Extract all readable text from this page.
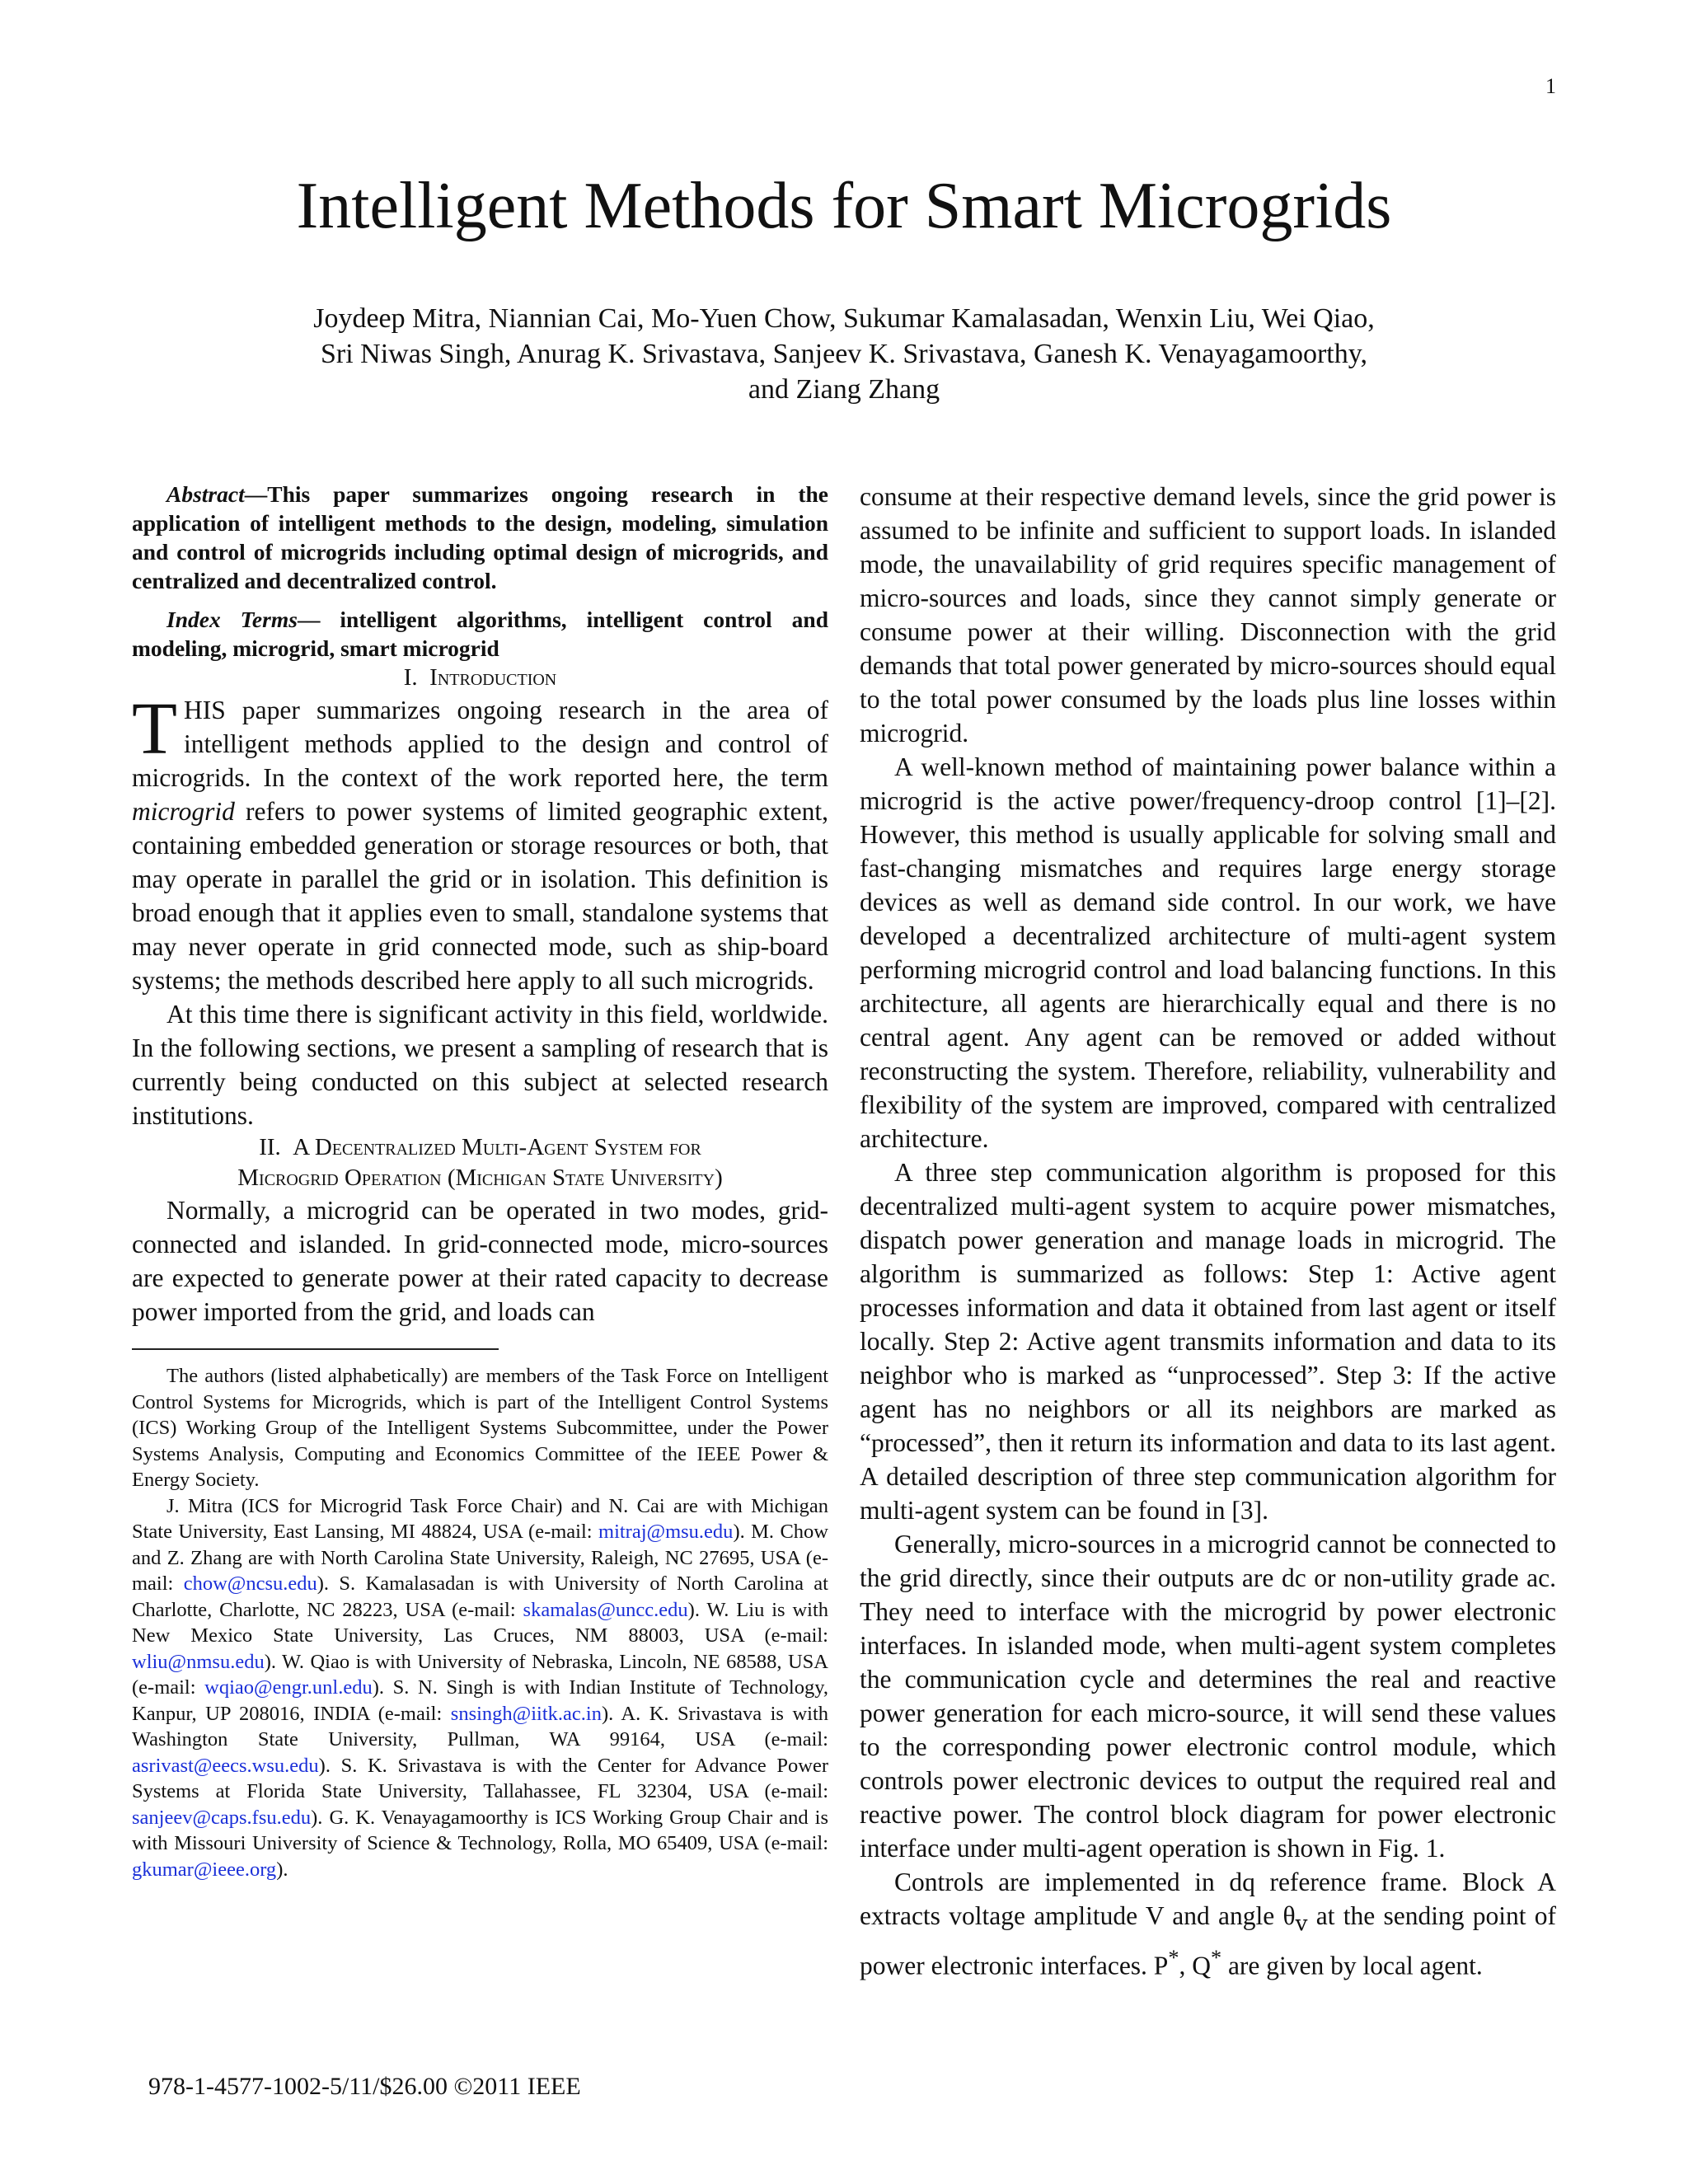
1
Intelligent Methods for Smart Microgrids
Joydeep Mitra, Niannian Cai, Mo-Yuen Chow, Sukumar Kamalasadan, Wenxin Liu, Wei Qiao,
Sri Niwas Singh, Anurag K. Srivastava, Sanjeev K. Srivastava, Ganesh K. Venayagamoorthy,
and Ziang Zhang

Abstract—This paper summarizes ongoing research in the application of intelligent methods to the design, modeling, simulation and control of microgrids including optimal design of microgrids, and centralized and decentralized control.

Index Terms— intelligent algorithms, intelligent control and modeling, microgrid, smart microgrid

I. Introduction

THIS paper summarizes ongoing research in the area of intelligent methods applied to the design and control of microgrids. In the context of the work reported here, the term microgrid refers to power systems of limited geographic extent, containing embedded generation or storage resources or both, that may operate in parallel the grid or in isolation. This definition is broad enough that it applies even to small, standalone systems that may never operate in grid connected mode, such as ship-board systems; the methods described here apply to all such microgrids.

At this time there is significant activity in this field, worldwide. In the following sections, we present a sampling of research that is currently being conducted on this subject at selected research institutions.

II. A Decentralized Multi-Agent System for
Microgrid Operation (Michigan State University)

Normally, a microgrid can be operated in two modes, grid-connected and islanded. In grid-connected mode, micro-sources are expected to generate power at their rated capacity to decrease power imported from the grid, and loads can

The authors (listed alphabetically) are members of the Task Force on Intelligent Control Systems for Microgrids, which is part of the Intelligent Control Systems (ICS) Working Group of the Intelligent Systems Subcommittee, under the Power Systems Analysis, Computing and Economics Committee of the IEEE Power & Energy Society.

J. Mitra (ICS for Microgrid Task Force Chair) and N. Cai are with Michigan State University, East Lansing, MI 48824, USA (e-mail: mitraj@msu.edu). M. Chow and Z. Zhang are with North Carolina State University, Raleigh, NC 27695, USA (e-mail: chow@ncsu.edu). S. Kamalasadan is with University of North Carolina at Charlotte, Charlotte, NC 28223, USA (e-mail: skamalas@uncc.edu). W. Liu is with New Mexico State University, Las Cruces, NM 88003, USA (e-mail: wliu@nmsu.edu). W. Qiao is with University of Nebraska, Lincoln, NE 68588, USA (e-mail: wqiao@engr.unl.edu). S. N. Singh is with Indian Institute of Technology, Kanpur, UP 208016, INDIA (e-mail: snsingh@iitk.ac.in). A. K. Srivastava is with Washington State University, Pullman, WA 99164, USA (e-mail: asrivast@eecs.wsu.edu). S. K. Srivastava is with the Center for Advance Power Systems at Florida State University, Tallahassee, FL 32304, USA (e-mail: sanjeev@caps.fsu.edu). G. K. Venayagamoorthy is ICS Working Group Chair and is with Missouri University of Science & Technology, Rolla, MO 65409, USA (e-mail: gkumar@ieee.org).

consume at their respective demand levels, since the grid power is assumed to be infinite and sufficient to support loads. In islanded mode, the unavailability of grid requires specific management of micro-sources and loads, since they cannot simply generate or consume power at their willing. Disconnection with the grid demands that total power generated by micro-sources should equal to the total power consumed by the loads plus line losses within microgrid.

A well-known method of maintaining power balance within a microgrid is the active power/frequency-droop control [1]–[2]. However, this method is usually applicable for solving small and fast-changing mismatches and requires large energy storage devices as well as demand side control. In our work, we have developed a decentralized architecture of multi-agent system performing microgrid control and load balancing functions. In this architecture, all agents are hierarchically equal and there is no central agent. Any agent can be removed or added without reconstructing the system. Therefore, reliability, vulnerability and flexibility of the system are improved, compared with centralized architecture.

A three step communication algorithm is proposed for this decentralized multi-agent system to acquire power mismatches, dispatch power generation and manage loads in microgrid. The algorithm is summarized as follows: Step 1: Active agent processes information and data it obtained from last agent or itself locally. Step 2: Active agent transmits information and data to its neighbor who is marked as “unprocessed”. Step 3: If the active agent has no neighbors or all its neighbors are marked as “processed”, then it return its information and data to its last agent. A detailed description of three step communication algorithm for multi-agent system can be found in [3].

Generally, micro-sources in a microgrid cannot be connected to the grid directly, since their outputs are dc or non-utility grade ac. They need to interface with the microgrid by power electronic interfaces. In islanded mode, when multi-agent system completes the communication cycle and determines the real and reactive power generation for each micro-source, it will send these values to the corresponding power electronic control module, which controls power electronic devices to output the required real and reactive power. The control block diagram for power electronic interface under multi-agent operation is shown in Fig. 1.

Controls are implemented in dq reference frame. Block A extracts voltage amplitude V and angle $\theta_v$ at the sending point of power electronic interfaces. P*, Q* are given by local agent.

978-1-4577-1002-5/11/$26.00 ©2011 IEEE
